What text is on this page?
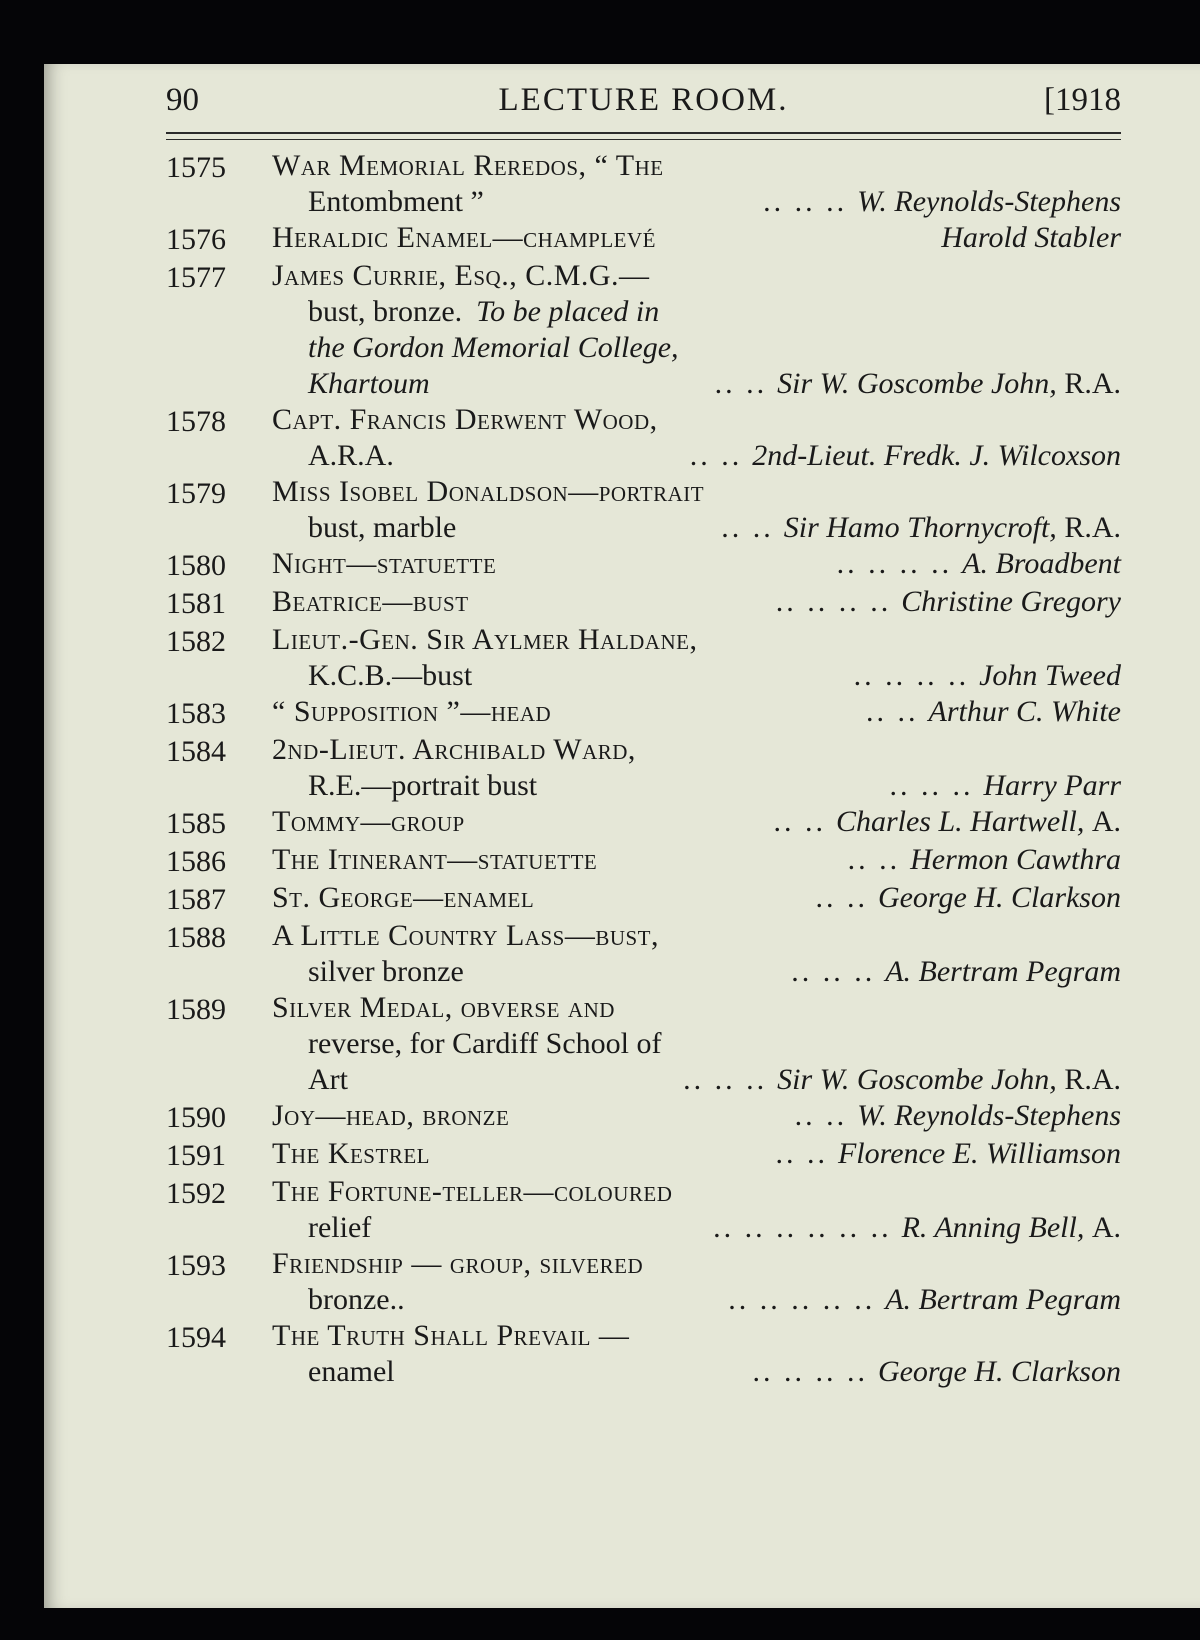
90	LECTURE ROOM.	[1918
1575	War Memorial Reredos, “ The
Entombment ”	.. .. .. W. Reynolds-Stephens
1576	Heraldic Enamel—champlevé	Harold Stabler
1577	James Currie, Esq., C.M.G.—
bust, bronze. To be placed in
the Gordon Memorial College,
Khartoum	.. .. Sir W. Goscombe John,
R.A.
1578	Capt. Francis Derwent Wood,
A.R.A.	.. .. 2nd-Lieut. Fredk. J. Wilcoxson
1579	Miss Isobel Donaldson—portrait
bust, marble	.. .. Sir Hamo Thornycroft,
R.A.
1580	Night—statuette	.. .. .. .. A. Broadbent
1581	Beatrice—bust	.. .. .. .. Christine Gregory
1582	Lieut.-Gen. Sir Aylmer Haldane,
K.C.B.—bust	.. .. .. .. John Tweed
1583	“ Supposition ”—head	.. .. Arthur C. White
1584	2nd-Lieut. Archibald Ward,
R.E.—portrait bust	.. .. .. Harry Parr
1585	Tommy—group	.. .. Charles L. Hartwell,
A.
1586	The Itinerant—statuette	.. .. Hermon Cawthra
1587	St. George—enamel	.. .. George H. Clarkson
1588	A Little Country Lass—bust,
silver bronze	.. .. .. A. Bertram Pegram
1589	Silver Medal, obverse and
reverse, for Cardiff School of
Art	.. .. .. Sir W. Goscombe John,
R.A.
1590	Joy—head, bronze	.. .. W. Reynolds-Stephens
1591	The Kestrel	.. .. Florence E. Williamson
1592	The Fortune-teller—coloured
relief	.. .. .. .. .. .. R. Anning Bell,
A.
1593	Friendship — group, silvered
bronze..	.. .. .. .. .. A. Bertram Pegram
1594	The Truth Shall Prevail —
enamel	.. .. .. .. George H. Clarkson
